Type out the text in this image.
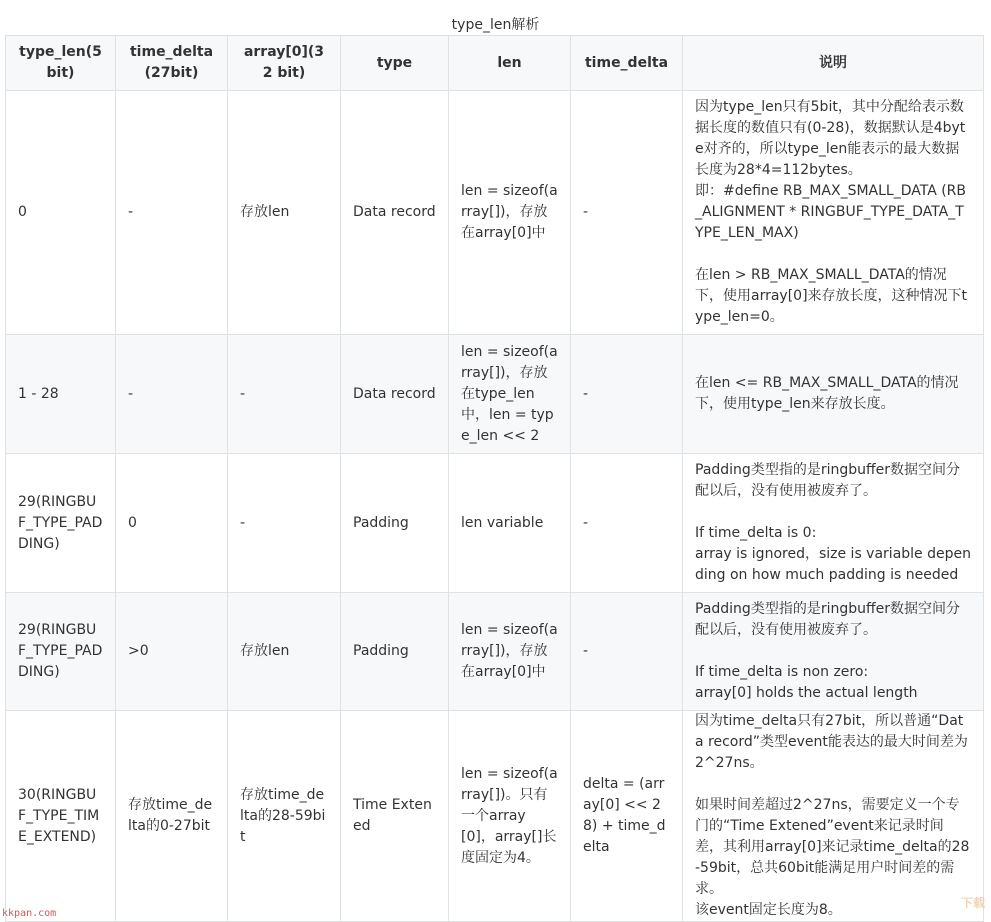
type_len解析
type_len(5 bit)	time_delta (27bit)	array[0](32 bit)	type	len	time_delta	说明
0	-	存放len	Data record	len = sizeof(array[])，存放在array[0]中	-	因为type_len只有5bit，其中分配给表示数据长度的数值只有(0-28)，数据默认是4byte对齐的，所以type_len能表示的最大数据长度为28*4=112bytes。
即：#define RB_MAX_SMALL_DATA (RB_ALIGNMENT * RINGBUF_TYPE_DATA_TYPE_LEN_MAX)

在len > RB_MAX_SMALL_DATA的情况下，使用array[0]来存放长度，这种情况下type_len=0。
1 - 28	-	-	Data record	len = sizeof(array[])，存放在type_len中，len = type_len << 2	-	在len <= RB_MAX_SMALL_DATA的情况下，使用type_len来存放长度。
29(RINGBUF_TYPE_PADDING)	0	-	Padding	len variable	-	Padding类型指的是ringbuffer数据空间分配以后，没有使用被废弃了。

If time_delta is 0:
array is ignored，size is variable depending on how much padding is needed
29(RINGBUF_TYPE_PADDING)	>0	存放len	Padding	len = sizeof(array[])，存放在array[0]中	-	Padding类型指的是ringbuffer数据空间分配以后，没有使用被废弃了。

If time_delta is non zero:
array[0] holds the actual length
30(RINGBUF_TYPE_TIME_EXTEND)	存放time_delta的0-27bit	存放time_delta的28-59bit	Time Extened	len = sizeof(array[])。只有一个array[0]，array[]长度固定为4。	delta = (array[0] << 28) + time_delta	因为time_delta只有27bit，所以普通“Data record”类型event能表达的最大时间差为2^27ns。

如果时间差超过2^27ns，需要定义一个专门的“Time Extened”event来记录时间差，其利用array[0]来记录time_delta的28-59bit，总共60bit能满足用户时间差的需求。
该event固定长度为8。
kkpan.com
下载
